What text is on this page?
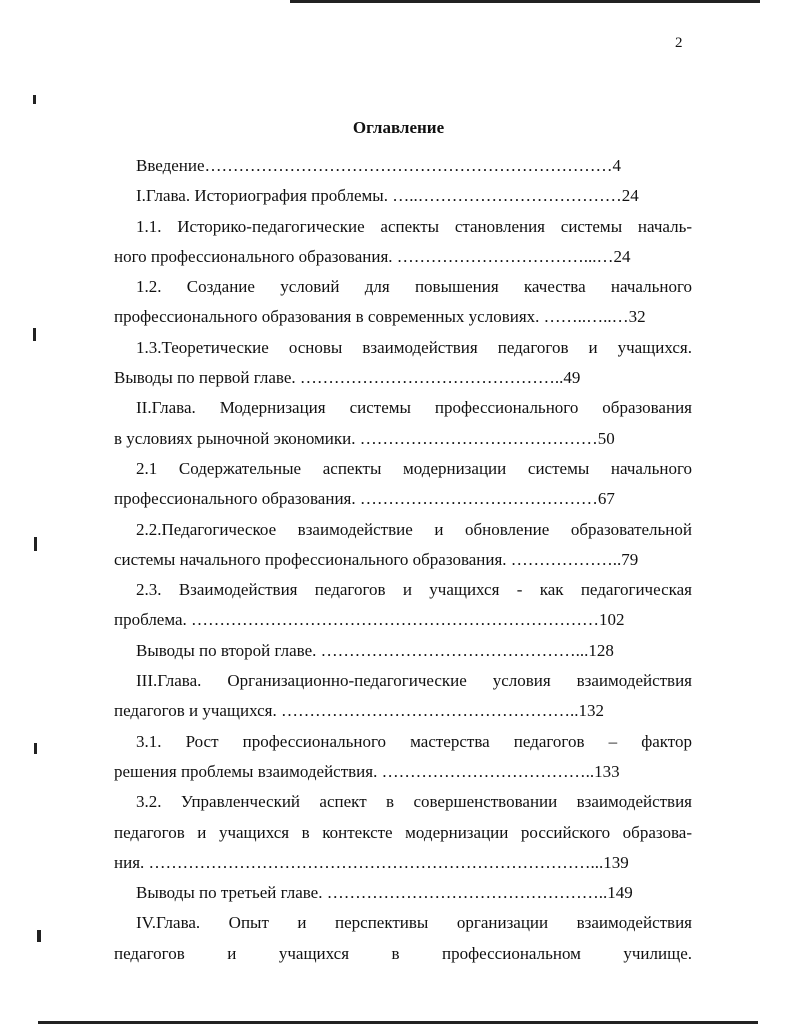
2
Оглавление
Введение………………………………………………………………4
I.Глава. Историография проблемы. …..………………………………24
1.1. Историко-педагогические аспекты становления системы началь-
ного профессионального образования. ……………………………...…24
1.2. Создание условий для повышения качества начального
профессионального образования в современных условиях. ……..…..…32
1.3.Теоретические основы взаимодействия педагогов и учащихся.
Выводы по первой главе. ………………………………………..49
II.Глава. Модернизация системы профессионального образования
в условиях рыночной экономики. ……………………………………50
2.1 Содержательные аспекты модернизации системы начального
профессионального образования. ……………………………………67
2.2.Педагогическое взаимодействие и обновление образовательной
системы начального профессионального образования. ………………..79
2.3. Взаимодействия педагогов и учащихся - как педагогическая
проблема. ………………………………………………………………102
Выводы по второй главе. ………………………………………...128
III.Глава. Организационно-педагогические условия взаимодействия
педагогов и учащихся. ……………………………………………..132
3.1. Рост профессионального мастерства педагогов – фактор
решения проблемы взаимодействия. ………………………………..133
3.2. Управленческий аспект в совершенствовании взаимодействия
педагогов и учащихся в контексте модернизации российского образова-
ния. ……………………………………………………………………...139
Выводы по третьей главе. …………………………………………..149
IV.Глава. Опыт и перспективы организации взаимодействия
педагогов и учащихся в профессиональном училище.
